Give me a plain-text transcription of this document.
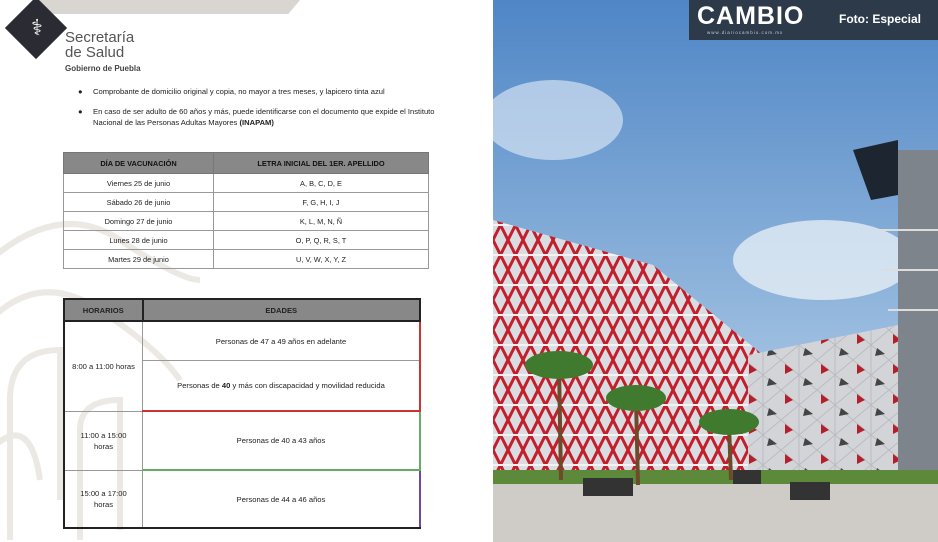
⚕	Secretaría
de Salud
Gobierno de Puebla
●	Comprobante de domicilio original y copia, no mayor a tres meses, y lapicero tinta azul
●	En caso de ser adulto de 60 años y más, puede identificarse con el documento que expide el Instituto Nacional de las Personas Adultas Mayores (INAPAM)
DÍA DE VACUNACIÓN	LETRA INICIAL DEL 1ER. APELLIDO
Viernes 25 de junio	A, B, C, D, E
Sábado 26 de junio	F, G, H, I, J
Domingo 27 de junio	K, L, M, N, Ñ
Lunes 28 de junio	O, P, Q, R, S, T
Martes 29 de junio	U, V, W, X, Y, Z
HORARIOS	EDADES
8:00 a 11:00 horas	Personas de 47 a 49 años en adelante
	Personas de 40 y más con discapacidad y movilidad reducida
11:00 a 15:00 horas	Personas de 40 a 43 años
15:00 a 17:00 horas	Personas de 44 a 46 años
CAMBIO
www.diariocambio.com.mx
Foto: Especial
